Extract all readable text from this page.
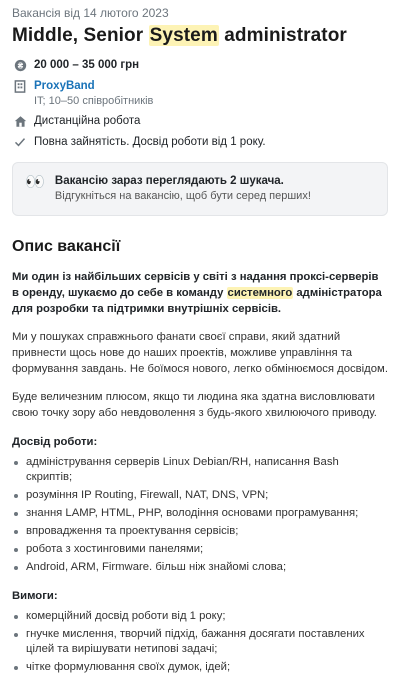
Вакансія від 14 лютого 2023
Middle, Senior System administrator
₴ 20 000 – 35 000 грн
ProxyBand
IT; 10–50 співробітників
Дистанційна робота
Повна зайнятість. Досвід роботи від 1 року.
👀 Вакансію зараз переглядають 2 шукача.
Відгукніться на вакансію, щоб бути серед перших!
Опис вакансії

Ми один із найбільших сервісів у світі з надання проксі-серверів в оренду, шукаємо до себе в команду системного адміністратора для розробки та підтримки внутрішніх сервісів.

Ми у пошуках справжнього фанати своєї справи, який здатний привнести щось нове до наших проектів, можливе управління та формування завдань. Не боїмося нового, легко обмінюємося досвідом.

Буде величезним плюсом, якщо ти людина яка здатна висловлювати свою точку зору або невдоволення з будь-якого хвилюючого приводу.

Досвід роботи:
адміністрування серверів Linux Debian/RH, написання Bash скриптів;
розуміння IP Routing, Firewall, NAT, DNS, VPN;
знання LAMP, HTML, PHP, володіння основами програмування;
впровадження та проектування сервісів;
робота з хостинговими панелями;
Android, ARM, Firmware. більш ніж знайомі слова;
Вимоги:
комерційний досвід роботи від 1 року;
гнучке мислення, творчий підхід, бажання досягати поставлених цілей та вирішувати нетипові задачі;
чітке формулювання своїх думок, ідей;
